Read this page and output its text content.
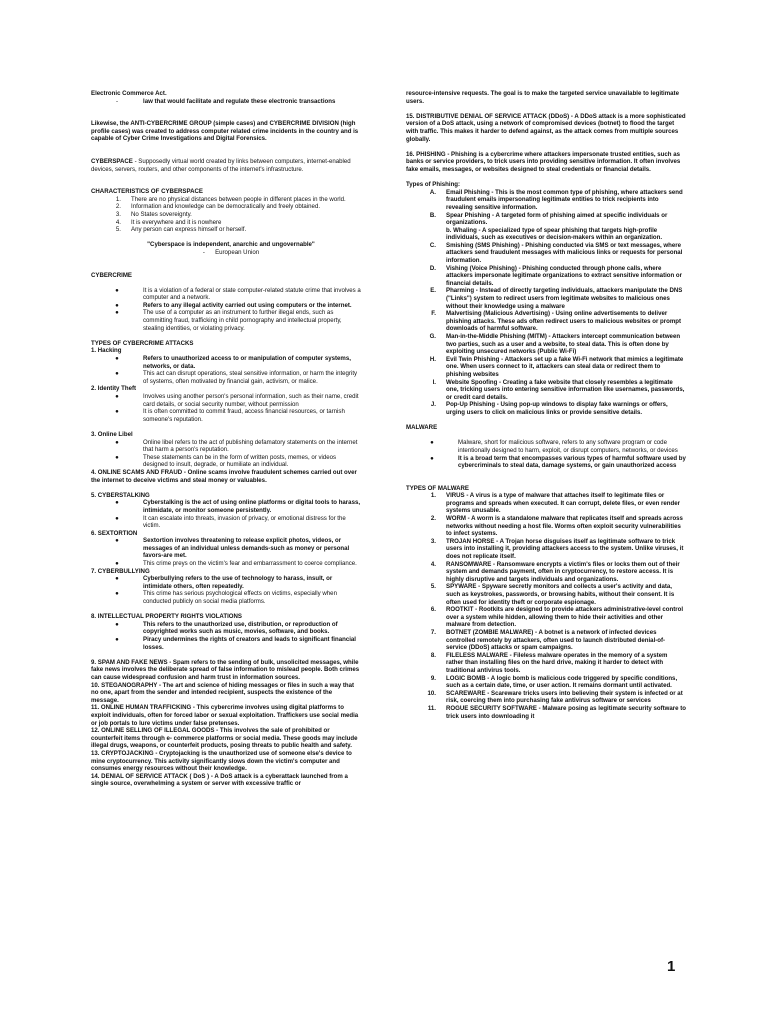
Electronic Commerce Act.

-	law that would facilitate and regulate these electronic transactions

Likewise, the ANTI-CYBERCRIME GROUP (simple cases) and CYBERCRIME DIVISION (high profile cases) was created to address computer related crime incidents in the country and is capable of Cyber Crime Investigations and Digital Forensics.

CYBERSPACE - Supposedly virtual world created by links between computers, internet-enabled devices, servers, routers, and other components of the internet's infrastructure.

CHARACTERISTICS OF CYBERSPACE

1.	There are no physical distances between people in different places in the world.
2.	Information and knowledge can be democratically and freely obtained.
3.	No States sovereignty.
4.	It is everywhere and it is nowhere
5.	Any person can express himself or herself.

"Cyberspace is independent, anarchic and ungovernable"

-      European Union

CYBERCRIME

●	It is a violation of a federal or state computer-related statute crime that involves a computer and a network.
●	Refers to any illegal activity carried out using computers or the internet.
●	The use of a computer as an instrument to further illegal ends, such as committing fraud, trafficking in child pornography and intellectual property, stealing identities, or violating privacy.

TYPES OF CYBERCRIME ATTACKS

1. Hacking

●	Refers to unauthorized access to or manipulation of computer systems, networks, or data.
●	This act can disrupt operations, steal sensitive information, or harm the integrity of systems, often motivated by financial gain, activism, or malice.

2. Identity Theft

●	Involves using another person's personal information, such as their name, credit card details, or social security number, without permission
●	It is often committed to commit fraud, access financial resources, or tarnish someone's reputation.

3. Online Libel

●	Online libel refers to the act of publishing defamatory statements on the internet that harm a person's reputation.
●	These statements can be in the form of written posts, memes, or videos designed to insult, degrade, or humiliate an individual.

4. ONLINE SCAMS AND FRAUD - Online scams involve fraudulent schemes carried out over the internet to deceive victims and steal money or valuables.

5. CYBERSTALKING

●	Cyberstalking is the act of using online platforms or digital tools to harass, intimidate, or monitor someone persistently.
●	It can escalate into threats, invasion of privacy, or emotional distress for the victim.

6. SEXTORTION

●	Sextortion involves threatening to release explicit photos, videos, or messages of an individual unless demands-such as money or personal favors-are met.
●	This crime preys on the victim's fear and embarrassment to coerce compliance.

7. CYBERBULLYING

●	Cyberbullying refers to the use of technology to harass, insult, or intimidate others, often repeatedly.
●	This crime has serious psychological effects on victims, especially when conducted publicly on social media platforms.

8. INTELLECTUAL PROPERTY RIGHTS VIOLATIONS

●	This refers to the unauthorized use, distribution, or reproduction of copyrighted works such as music, movies, software, and books.
●	Piracy undermines the rights of creators and leads to significant financial losses.

9. SPAM AND FAKE NEWS - Spam refers to the sending of bulk, unsolicited messages, while fake news involves the deliberate spread of false information to mislead people. Both crimes can cause widespread confusion and harm trust in information sources.

10. STEGANOGRAPHY - The art and science of hiding messages or files in such a way that no one, apart from the sender and intended recipient, suspects the existence of the message.

11. ONLINE HUMAN TRAFFICKING - This cybercrime involves using digital platforms to exploit individuals, often for forced labor or sexual exploitation. Traffickers use social media or job portals to lure victims under false pretenses.

12. ONLINE SELLING OF ILLEGAL GOODS - This involves the sale of prohibited or counterfeit items through e- commerce platforms or social media. These goods may include illegal drugs, weapons, or counterfeit products, posing threats to public health and safety.

13. CRYPTOJACKING - Cryptojacking is the unauthorized use of someone else's device to mine cryptocurrency. This activity significantly slows down the victim's computer and consumes energy resources without their knowledge.

14. DENIAL OF SERVICE ATTACK ( DoS ) - A DoS attack is a cyberattack launched from a single source, overwhelming a system or server with excessive traffic or

resource-intensive requests. The goal is to make the targeted service unavailable to legitimate users.

15. DISTRIBUTIVE DENIAL OF SERVICE ATTACK (DDoS) - A DDoS attack is a more sophisticated version of a DoS attack, using a network of compromised devices (botnet) to flood the target with traffic. This makes it harder to defend against, as the attack comes from multiple sources globally.

16. PHISHING - Phishing is a cybercrime where attackers impersonate trusted entities, such as banks or service providers, to trick users into providing sensitive information. It often involves fake emails, messages, or websites designed to steal credentials or financial details.

Types of Phishing:

A.	Email Phishing - This is the most common type of phishing, where attackers send fraudulent emails impersonating legitimate entities to trick recipients into revealing sensitive information.
B.	Spear Phishing - A targeted form of phishing aimed at specific individuals or organizations.

b. Whaling - A specialized type of spear phishing that targets high-profile individuals, such as executives or decision-makers within an organization.

C.	Smishing (SMS Phishing) - Phishing conducted via SMS or text messages, where attackers send fraudulent messages with malicious links or requests for personal information.
D.	Vishing (Voice Phishing) - Phishing conducted through phone calls, where attackers impersonate legitimate organizations to extract sensitive information or financial details.
E.	Pharming - Instead of directly targeting individuals, attackers manipulate the DNS ("Links") system to redirect users from legitimate websites to malicious ones without their knowledge using a malware
F.	Malvertising (Malicious Advertising) - Using online advertisements to deliver phishing attacks. These ads often redirect users to malicious websites or prompt downloads of harmful software.
G.	Man-in-the-Middle Phishing (MITM) - Attackers intercept communication between two parties, such as a user and a website, to steal data. This is often done by exploiting unsecured networks (Public Wi-Fi)
H.	Evil Twin Phishing - Attackers set up a fake Wi-Fi network that mimics a legitimate one. When users connect to it, attackers can steal data or redirect them to phishing websites
I.	Website Spoofing - Creating a fake website that closely resembles a legitimate one, tricking users into entering sensitive information like usernames, passwords, or credit card details.
J.	Pop-Up Phishing - Using pop-up windows to display fake warnings or offers, urging users to click on malicious links or provide sensitive details.

MALWARE

●	Malware, short for malicious software, refers to any software program or code intentionally designed to harm, exploit, or disrupt computers, networks, or devices
●	It is a broad term that encompasses various types of harmful software used by cybercriminals to steal data, damage systems, or gain unauthorized access

TYPES OF MALWARE

1.	VIRUS - A virus is a type of malware that attaches itself to legitimate files or programs and spreads when executed. It can corrupt, delete files, or even render systems unusable.
2.	WORM - A worm is a standalone malware that replicates itself and spreads across networks without needing a host file. Worms often exploit security vulnerabilities to infect systems.
3.	TROJAN HORSE - A Trojan horse disguises itself as legitimate software to trick users into installing it, providing attackers access to the system. Unlike viruses, it does not replicate itself.
4.	RANSOMWARE - Ransomware encrypts a victim's files or locks them out of their system and demands payment, often in cryptocurrency, to restore access. It is highly disruptive and targets individuals and organizations.
5.	SPYWARE - Spyware secretly monitors and collects a user's activity and data, such as keystrokes, passwords, or browsing habits, without their consent. It is often used for identity theft or corporate espionage.
6.	ROOTKIT - Rootkits are designed to provide attackers administrative-level control over a system while hidden, allowing them to hide their activities and other malware from detection.
7.	BOTNET (ZOMBIE MALWARE) - A botnet is a network of infected devices controlled remotely by attackers, often used to launch distributed denial-of-service (DDoS) attacks or spam campaigns.
8.	FILELESS MALWARE - Fileless malware operates in the memory of a system rather than installing files on the hard drive, making it harder to detect with traditional antivirus tools.
9.	LOGIC BOMB - A logic bomb is malicious code triggered by specific conditions, such as a certain date, time, or user action. It remains dormant until activated.
10.	SCAREWARE - Scareware tricks users into believing their system is infected or at risk, coercing them into purchasing fake antivirus software or services
11.	ROGUE SECURITY SOFTWARE - Malware posing as legitimate security software to trick users into downloading it
1
